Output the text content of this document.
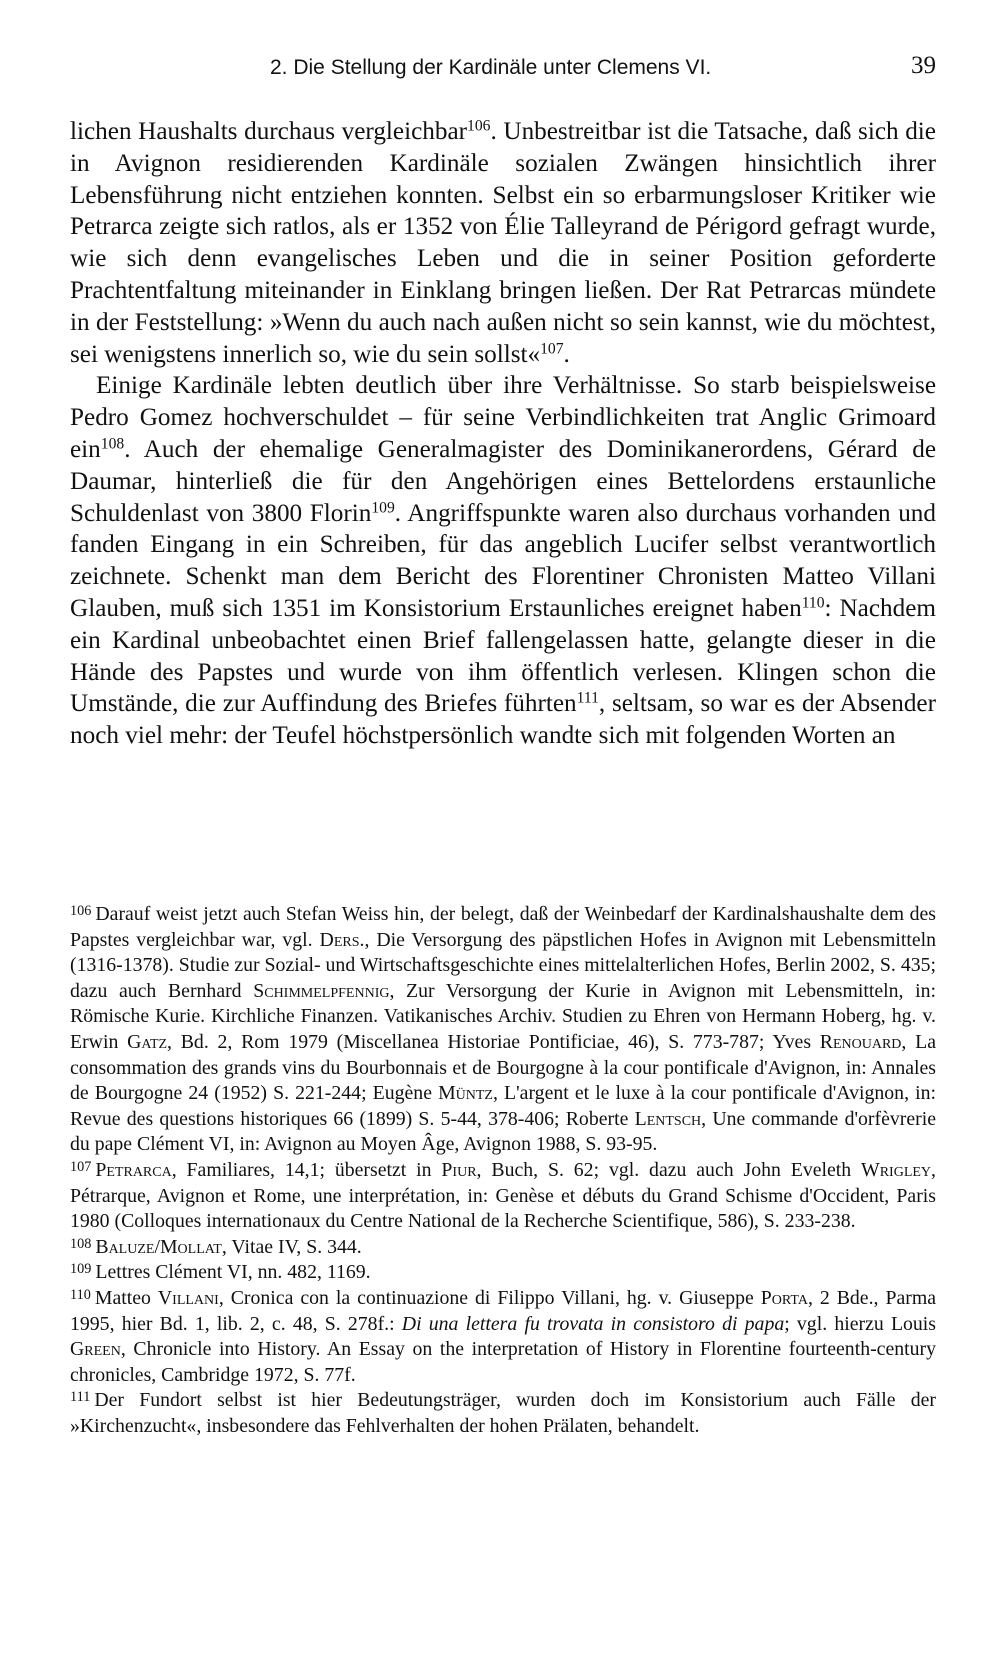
2. Die Stellung der Kardinäle unter Clemens VI.	39

lichen Haushalts durchaus vergleichbar$^{106}$. Unbestreitbar ist die Tatsache, daß sich die in Avignon residierenden Kardinäle sozialen Zwängen hinsichtlich ihrer Lebensführung nicht entziehen konnten. Selbst ein so erbarmungsloser Kritiker wie Petrarca zeigte sich ratlos, als er 1352 von Élie Talleyrand de Périgord gefragt wurde, wie sich denn evangelisches Leben und die in seiner Position geforderte Prachtentfaltung miteinander in Einklang bringen ließen. Der Rat Petrarcas mündete in der Feststellung: »Wenn du auch nach außen nicht so sein kannst, wie du möchtest, sei wenigstens innerlich so, wie du sein sollst«$^{107}$.

Einige Kardinäle lebten deutlich über ihre Verhältnisse. So starb beispielsweise Pedro Gomez hochverschuldet – für seine Verbindlichkeiten trat Anglic Grimoard ein$^{108}$. Auch der ehemalige Generalmagister des Dominikanerordens, Gérard de Daumar, hinterließ die für den Angehörigen eines Bettelordens erstaunliche Schuldenlast von 3800 Florin$^{109}$. Angriffspunkte waren also durchaus vorhanden und fanden Eingang in ein Schreiben, für das angeblich Lucifer selbst verantwortlich zeichnete. Schenkt man dem Bericht des Florentiner Chronisten Matteo Villani Glauben, muß sich 1351 im Konsistorium Erstaunliches ereignet haben$^{110}$: Nachdem ein Kardinal unbeobachtet einen Brief fallengelassen hatte, gelangte dieser in die Hände des Papstes und wurde von ihm öffentlich verlesen. Klingen schon die Umstände, die zur Auffindung des Briefes führten$^{111}$, seltsam, so war es der Absender noch viel mehr: der Teufel höchstpersönlich wandte sich mit folgenden Worten an

$^{106}$ Darauf weist jetzt auch Stefan Weiss hin, der belegt, daß der Weinbedarf der Kardinalshaushalte dem des Papstes vergleichbar war, vgl. Ders., Die Versorgung des päpstlichen Hofes in Avignon mit Lebensmitteln (1316-1378). Studie zur Sozial- und Wirtschaftsgeschichte eines mittelalterlichen Hofes, Berlin 2002, S. 435; dazu auch Bernhard Schimmelpfennig, Zur Versorgung der Kurie in Avignon mit Lebensmitteln, in: Römische Kurie. Kirchliche Finanzen. Vatikanisches Archiv. Studien zu Ehren von Hermann Hoberg, hg. v. Erwin Gatz, Bd. 2, Rom 1979 (Miscellanea Historiae Pontificiae, 46), S. 773-787; Yves Renouard, La consommation des grands vins du Bourbonnais et de Bourgogne à la cour pontificale d'Avignon, in: Annales de Bourgogne 24 (1952) S. 221-244; Eugène Müntz, L'argent et le luxe à la cour pontificale d'Avignon, in: Revue des questions historiques 66 (1899) S. 5-44, 378-406; Roberte Lentsch, Une commande d'orfèvrerie du pape Clément VI, in: Avignon au Moyen Âge, Avignon 1988, S. 93-95.

$^{107}$ Petrarca, Familiares, 14,1; übersetzt in Piur, Buch, S. 62; vgl. dazu auch John Eveleth Wrigley, Pétrarque, Avignon et Rome, une interprétation, in: Genèse et débuts du Grand Schisme d'Occident, Paris 1980 (Colloques internationaux du Centre National de la Recherche Scientifique, 586), S. 233-238.

$^{108}$ Baluze/Mollat, Vitae IV, S. 344.

$^{109}$ Lettres Clément VI, nn. 482, 1169.

$^{110}$ Matteo Villani, Cronica con la continuazione di Filippo Villani, hg. v. Giuseppe Porta, 2 Bde., Parma 1995, hier Bd. 1, lib. 2, c. 48, S. 278f.: Di una lettera fu trovata in consistoro di papa; vgl. hierzu Louis Green, Chronicle into History. An Essay on the interpretation of History in Florentine fourteenth-century chronicles, Cambridge 1972, S. 77f.

$^{111}$ Der Fundort selbst ist hier Bedeutungsträger, wurden doch im Konsistorium auch Fälle der »Kirchenzucht«, insbesondere das Fehlverhalten der hohen Prälaten, behandelt.
